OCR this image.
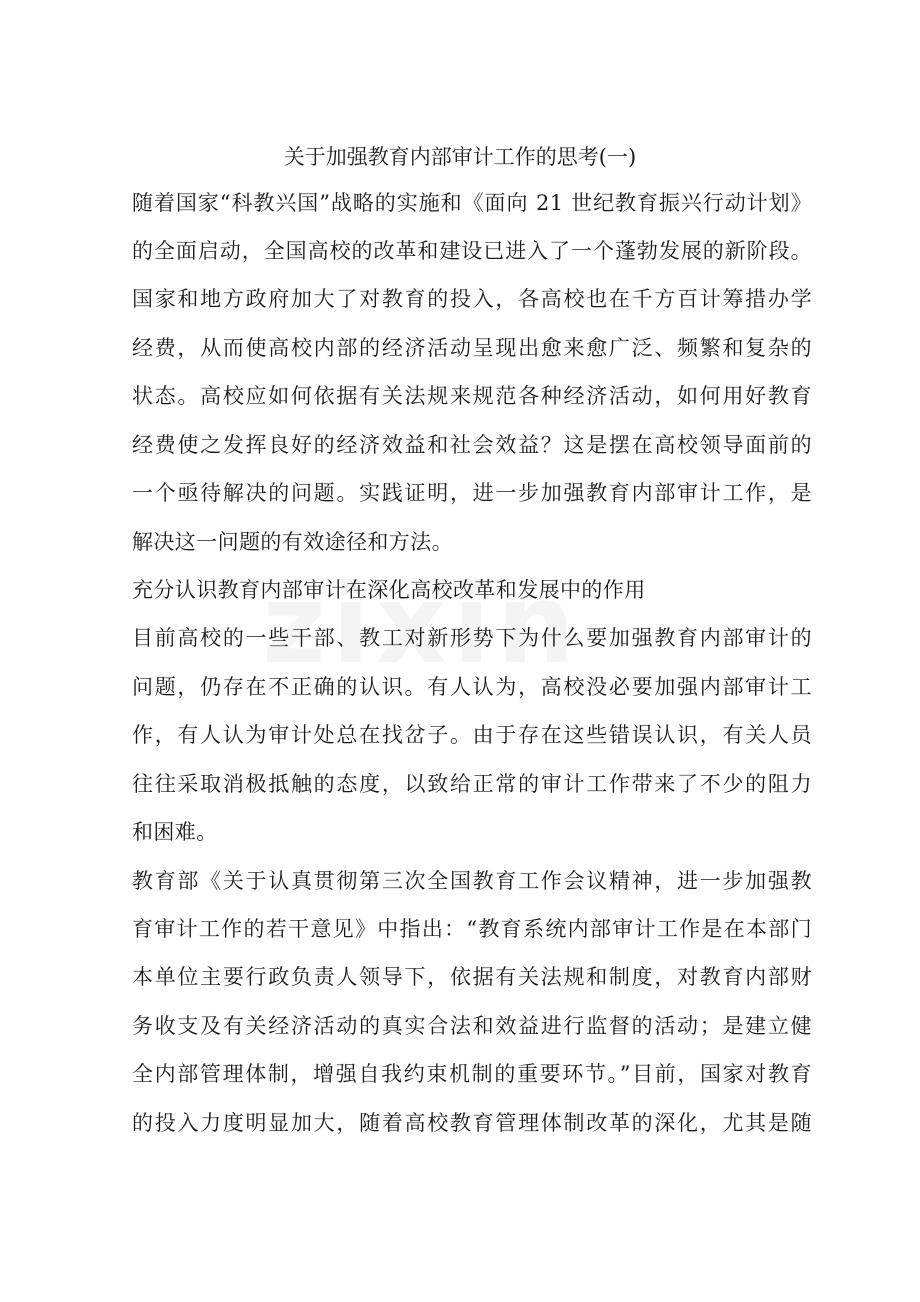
关于加强教育内部审计工作的思考(一)
随着国家“科教兴国”战略的实施和《面向 21 世纪教育振兴行动计划》
的全面启动，全国高校的改革和建设已进入了一个蓬勃发展的新阶段。
国家和地方政府加大了对教育的投入，各高校也在千方百计筹措办学
经费，从而使高校内部的经济活动呈现出愈来愈广泛、频繁和复杂的
状态。高校应如何依据有关法规来规范各种经济活动，如何用好教育
经费使之发挥良好的经济效益和社会效益？这是摆在高校领导面前的
一个亟待解决的问题。实践证明，进一步加强教育内部审计工作，是
解决这一问题的有效途径和方法。
充分认识教育内部审计在深化高校改革和发展中的作用
目前高校的一些干部、教工对新形势下为什么要加强教育内部审计的
问题，仍存在不正确的认识。有人认为，高校没必要加强内部审计工
作，有人认为审计处总在找岔子。由于存在这些错误认识，有关人员
往往采取消极抵触的态度，以致给正常的审计工作带来了不少的阻力
和困难。
教育部《关于认真贯彻第三次全国教育工作会议精神，进一步加强教
育审计工作的若干意见》中指出：“教育系统内部审计工作是在本部门
本单位主要行政负责人领导下，依据有关法规和制度，对教育内部财
务收支及有关经济活动的真实合法和效益进行监督的活动；是建立健
全内部管理体制，增强自我约束机制的重要环节。”目前，国家对教育
的投入力度明显加大，随着高校教育管理体制改革的深化，尤其是随
